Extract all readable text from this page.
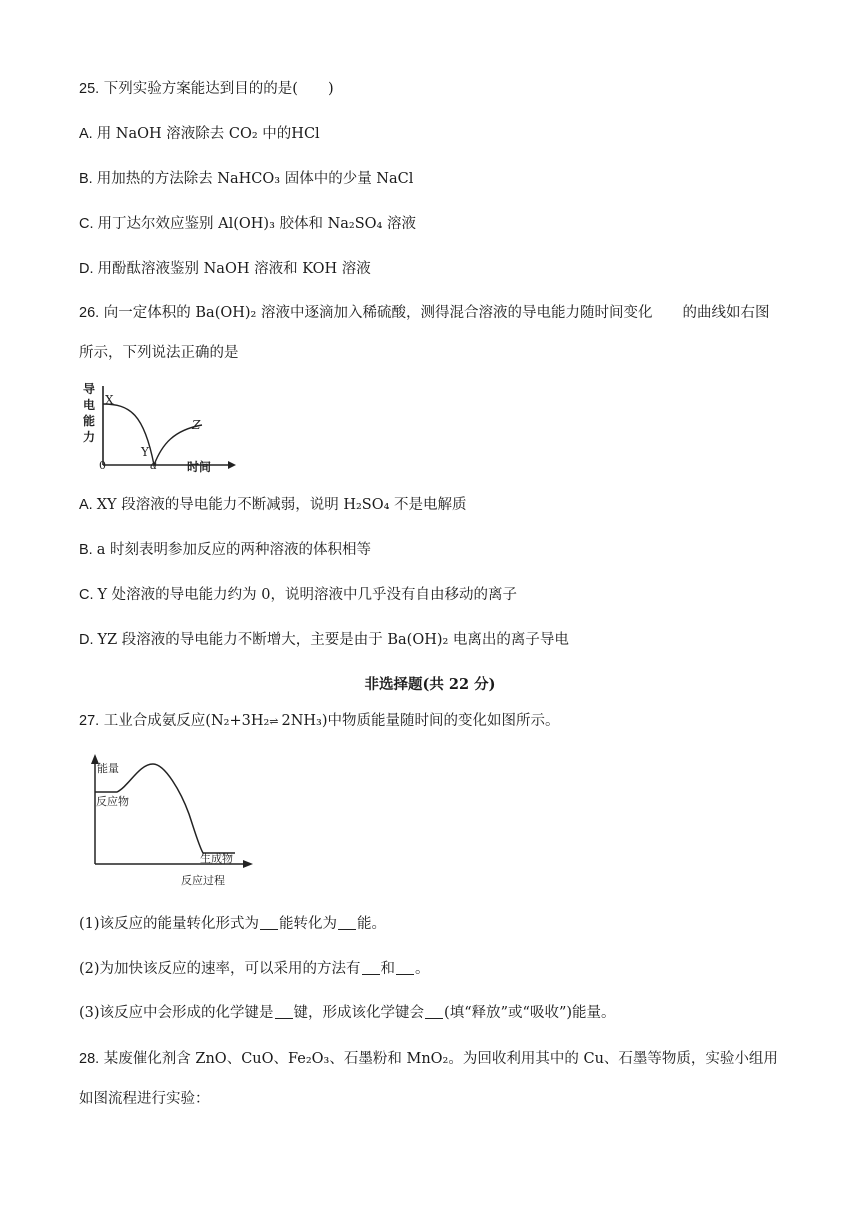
25. 下列实验方案能达到目的的是( )
A. 用 NaOH 溶液除去 CO₂ 中的HCl
B. 用加热的方法除去 NaHCO₃ 固体中的少量 NaCl
C. 用丁达尔效应鉴别 Al(OH)₃ 胶体和 Na₂SO₄ 溶液
D. 用酚酞溶液鉴别 NaOH 溶液和 KOH 溶液
26. 向一定体积的 Ba(OH)₂ 溶液中逐滴加入稀硫酸，测得混合溶液的导电能力随时间变化 的曲线如右图
所示，下列说法正确的是
导
电
能
力
X
Y
Z
0	a 时间
A. XY 段溶液的导电能力不断减弱，说明 H₂SO₄ 不是电解质
B. a 时刻表明参加反应的两种溶液的体积相等
C. Y 处溶液的导电能力约为 0，说明溶液中几乎没有自由移动的离子
D. YZ 段溶液的导电能力不断增大，主要是由于 Ba(OH)₂ 电离出的离子导电
非选择题(共 22 分)
27. 工业合成氨反应(N₂+3H₂⇌2NH₃)中物质能量随时间的变化如图所示。
能量
反应物
生成物
反应过程
(1)该反应的能量转化形式为 能转化为 能。
(2)为加快该反应的速率，可以采用的方法有 和 。
(3)该反应中会形成的化学键是 键，形成该化学键会 (填“释放”或“吸收”)能量。
28. 某废催化剂含 ZnO、CuO、Fe₂O₃、石墨粉和 MnO₂。为回收利用其中的 Cu、石墨等物质，实验小组用
如图流程进行实验：
